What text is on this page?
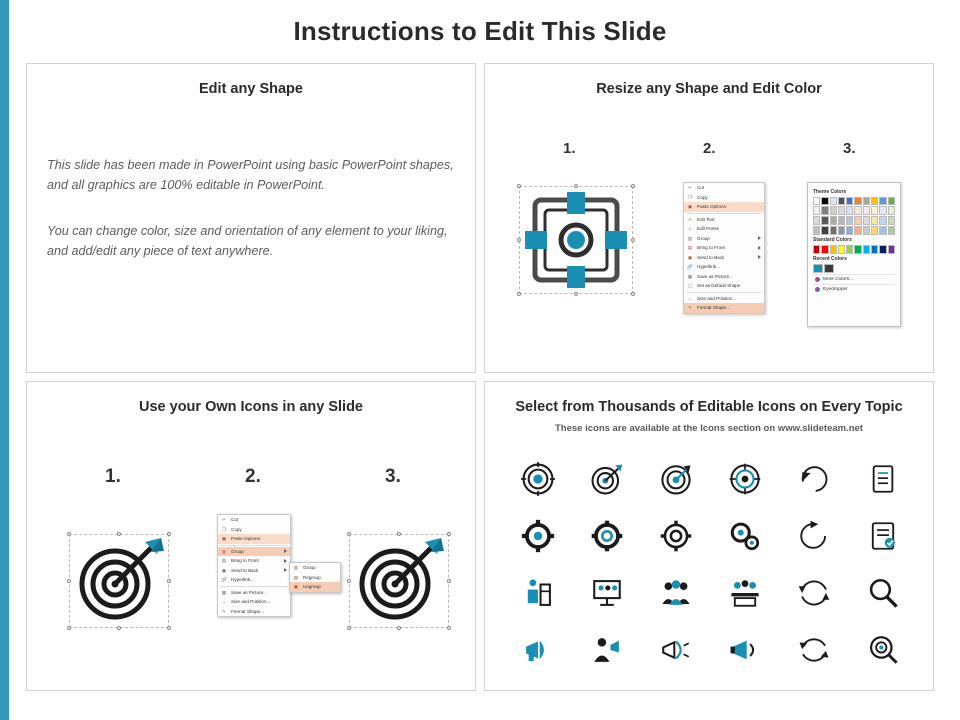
Instructions to Edit This Slide
Edit any Shape
This slide has been made in PowerPoint using basic PowerPoint shapes, and all graphics are 100% editable in PowerPoint.
You can change color, size and orientation of any element to your liking, and add/edit any piece of text anywhere.
Resize any Shape and Edit Color
1.	2.	3.
✂	Cut
❐	Copy
▣ Paste Options:
A	Edit Text
◇	Edit Points
▥ Group
▤ Bring to Front
▣ Send to Back
🔗 Hyperlink...
▦ Save as Picture...
▢ Set as Default Shape
↔ Size and Position...
✎	Format Shape...
Theme Colors
Standard Colors
Recent Colors
More Colors...
Eyedropper
Use your Own Icons in any Slide
1.	2.	3.
✂	Cut
❐	Copy
▣ Paste Options:
▥ Group
▤ Bring to Front
▣ Send to Back
🔗 Hyperlink...
▦ Save as Picture...
↔ Size and Position...
✎	Format Shape...
▥ Group
▤ Regroup
▣ Ungroup
Select from Thousands of Editable Icons on Every Topic
These icons are available at the Icons section on www.slideteam.net
